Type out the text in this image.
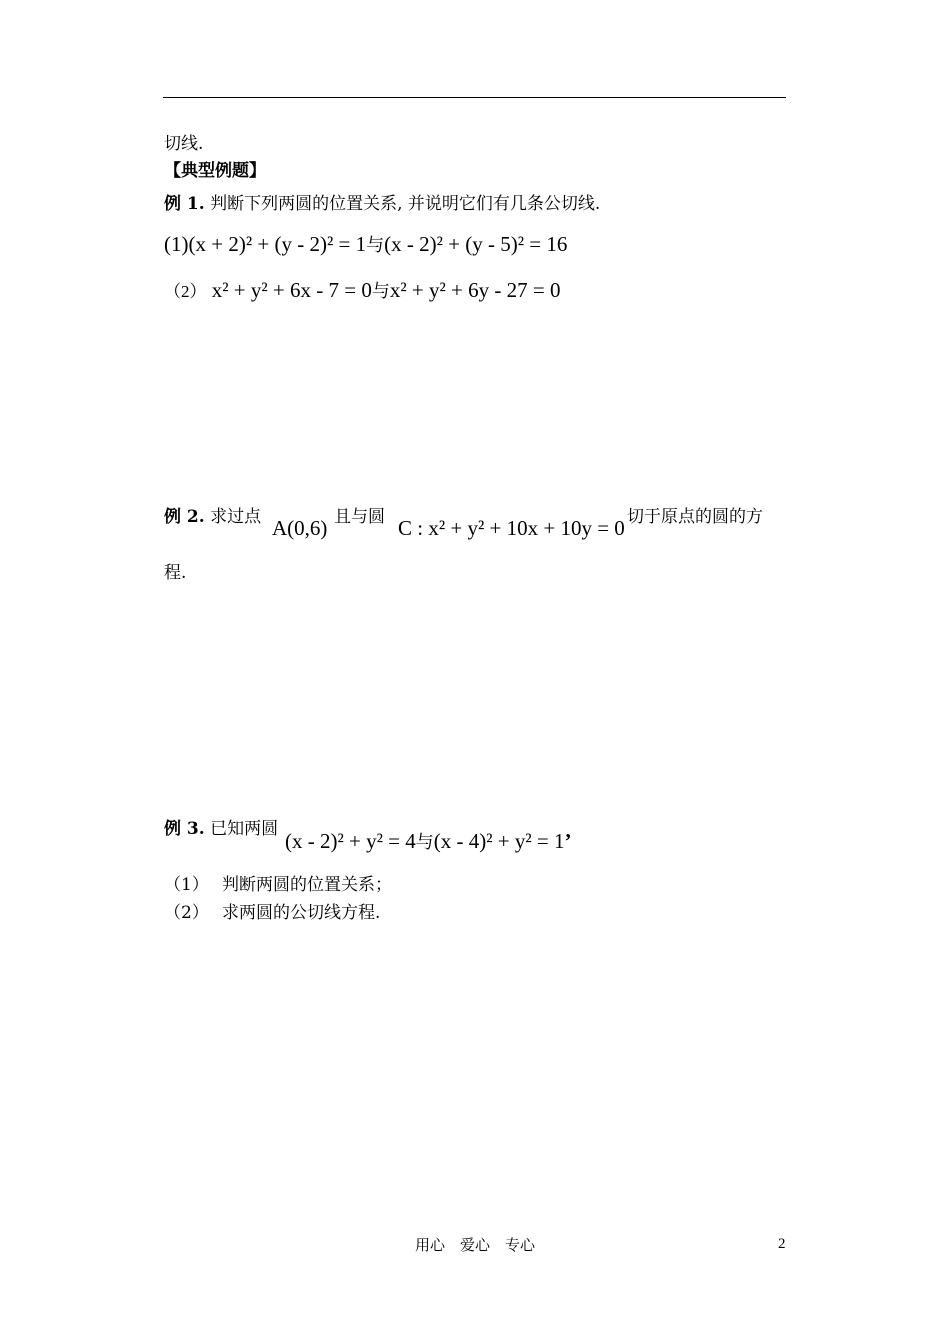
切线.
【典型例题】
例 1. 判断下列两圆的位置关系, 并说明它们有几条公切线.
(1)(x + 2)² + (y - 2)² = 1与(x - 2)² + (y - 5)² = 16
（2） x² + y² + 6x - 7 = 0与x² + y² + 6y - 27 = 0
例 2. 求过点 A(0,6) 且与圆 C : x² + y² + 10x + 10y = 0 切于原点的圆的方
程.
例 3. 已知两圆 (x - 2)² + y² = 4与(x - 4)² + y² = 1’
（1） 判断两圆的位置关系；
（2） 求两圆的公切线方程.
用心　爱心　专心	2
